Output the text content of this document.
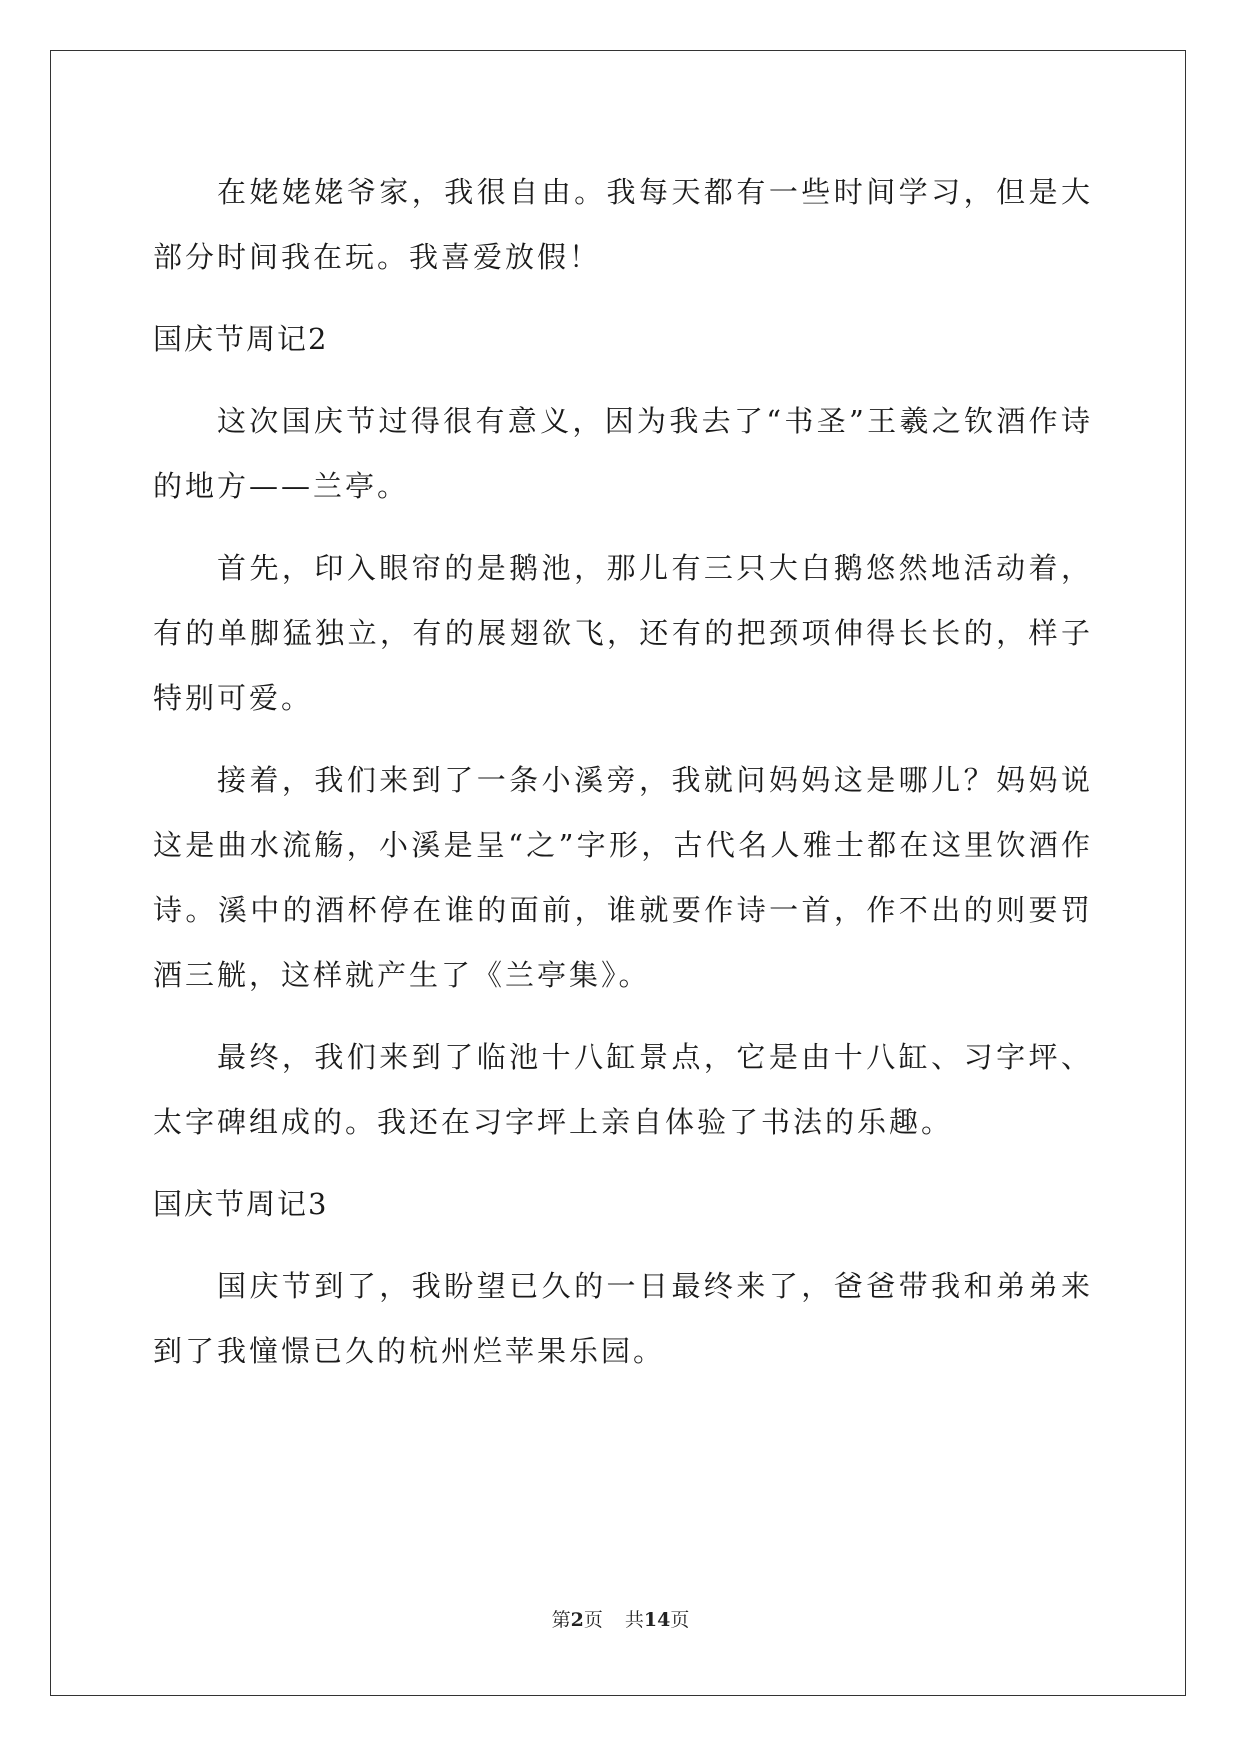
在姥姥姥爷家，我很自由。我每天都有一些时间学习，但是大部分时间我在玩。我喜爱放假！

国庆节周记2

这次国庆节过得很有意义，因为我去了“书圣”王羲之钦酒作诗的地方——兰亭。

首先，印入眼帘的是鹅池，那儿有三只大白鹅悠然地活动着，有的单脚猛独立，有的展翅欲飞，还有的把颈项伸得长长的，样子特别可爱。

接着，我们来到了一条小溪旁，我就问妈妈这是哪儿？妈妈说这是曲水流觞，小溪是呈“之”字形，古代名人雅士都在这里饮酒作诗。溪中的酒杯停在谁的面前，谁就要作诗一首，作不出的则要罚酒三觥，这样就产生了《兰亭集》。

最终，我们来到了临池十八缸景点，它是由十八缸、习字坪、太字碑组成的。我还在习字坪上亲自体验了书法的乐趣。

国庆节周记3

国庆节到了，我盼望已久的一日最终来了，爸爸带我和弟弟来到了我憧憬已久的杭州烂苹果乐园。

第2页 共14页
